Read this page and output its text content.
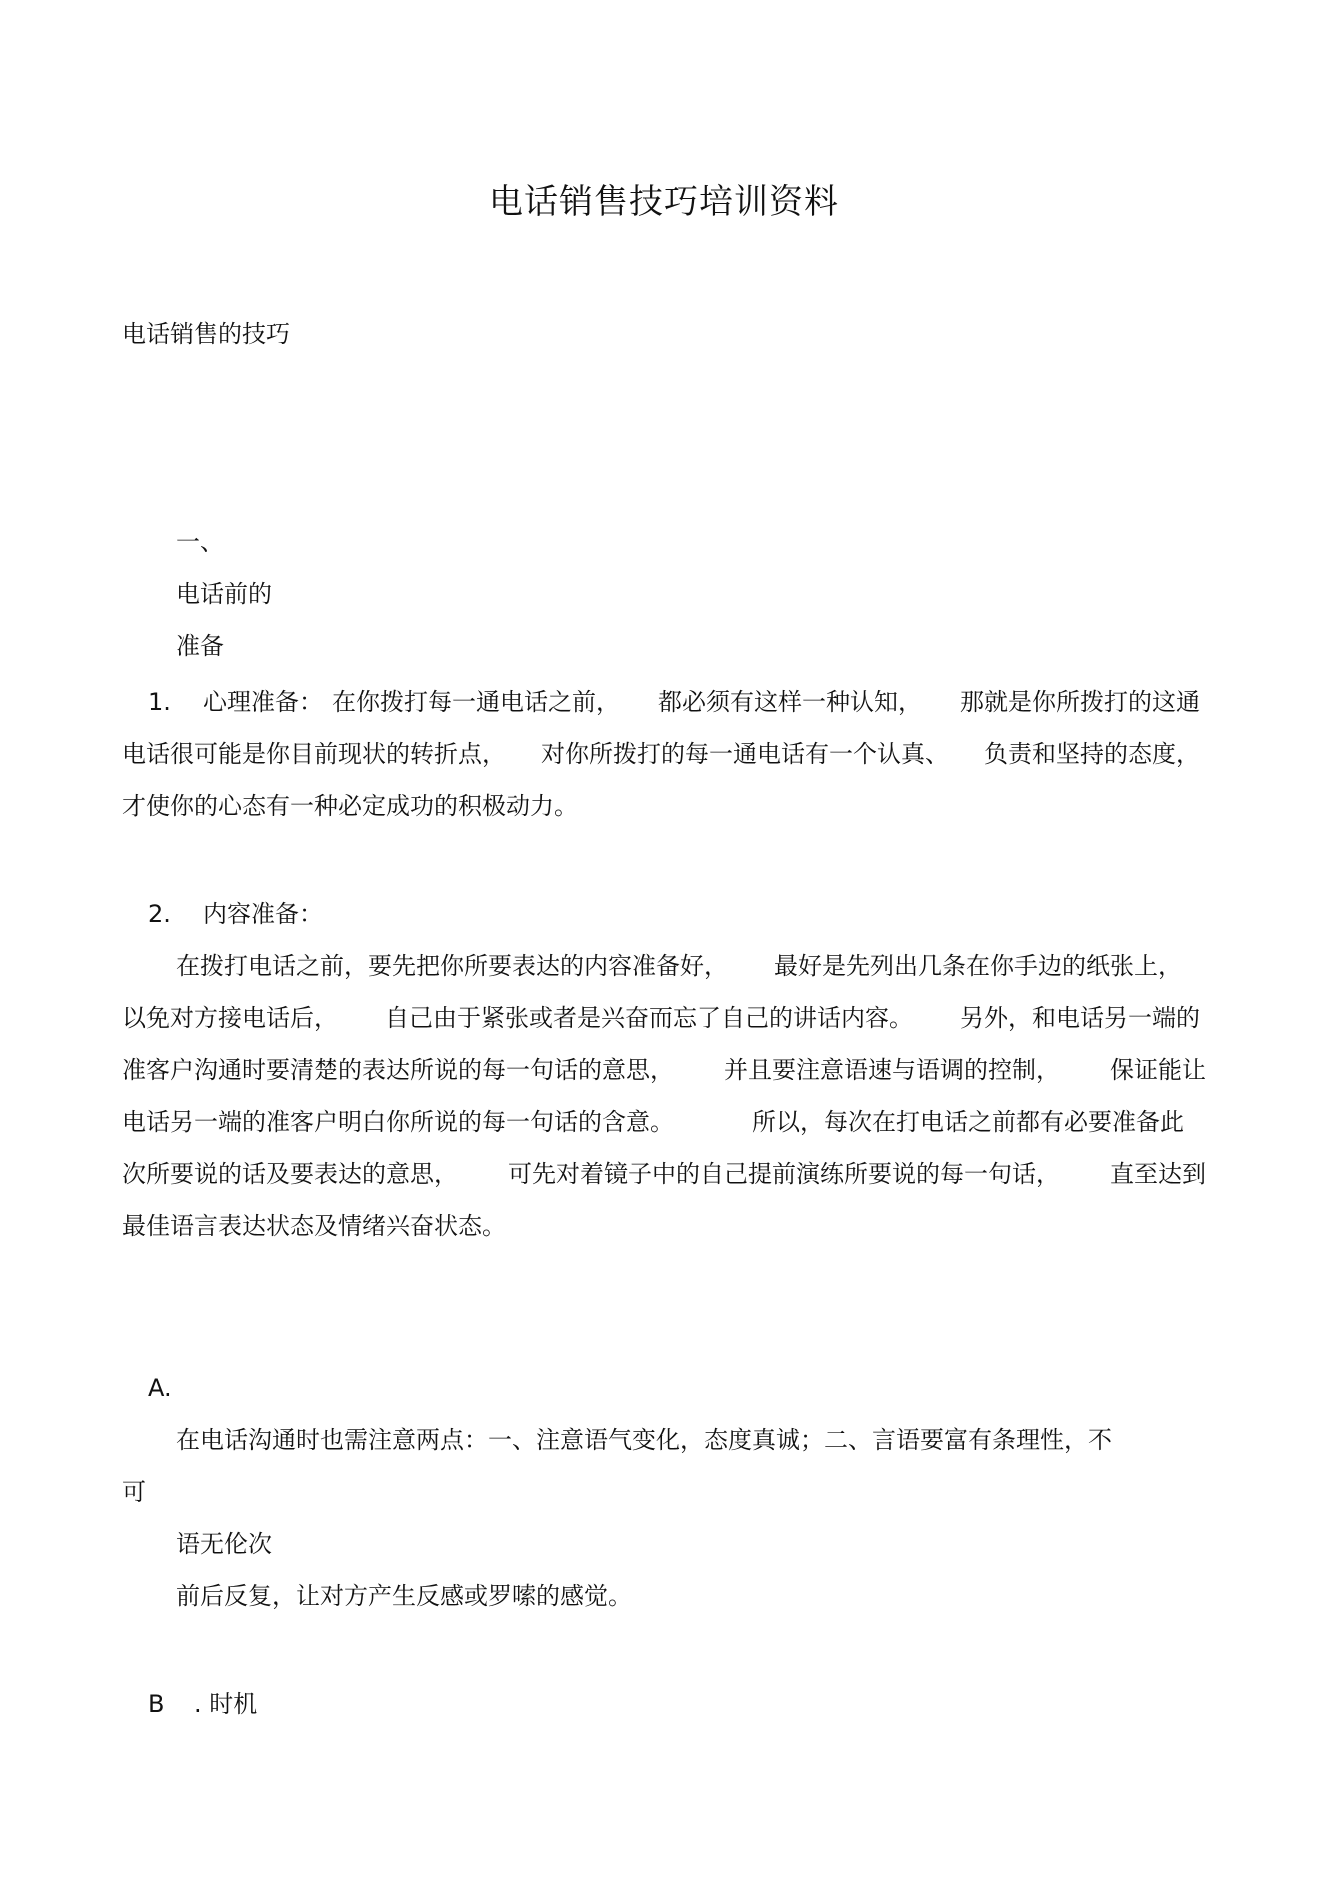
电话销售技巧培训资料
电话销售的技巧
一、
电话前的
准备
1. 心理准备： 在你拨打每一通电话之前， 都必须有这样一种认知， 那就是你所拨打的这通
电话很可能是你目前现状的转折点， 对你所拨打的每一通电话有一个认真、 负责和坚持的态度，
才使你的心态有一种必定成功的积极动力。
2. 内容准备：
在拨打电话之前，要先把你所要表达的内容准备好， 最好是先列出几条在你手边的纸张上，
以免对方接电话后， 自己由于紧张或者是兴奋而忘了自己的讲话内容。 另外，和电话另一端的
准客户沟通时要清楚的表达所说的每一句话的意思， 并且要注意语速与语调的控制， 保证能让
电话另一端的准客户明白你所说的每一句话的含意。	所以，每次在打电话之前都有必要准备此
次所要说的话及要表达的意思， 可先对着镜子中的自己提前演练所要说的每一句话， 直至达到
最佳语言表达状态及情绪兴奋状态。
A.
在电话沟通时也需注意两点：一、注意语气变化，态度真诚；二、言语要富有条理性，不
可
语无伦次
前后反复，让对方产生反感或罗嗦的感觉。
B . 时机
